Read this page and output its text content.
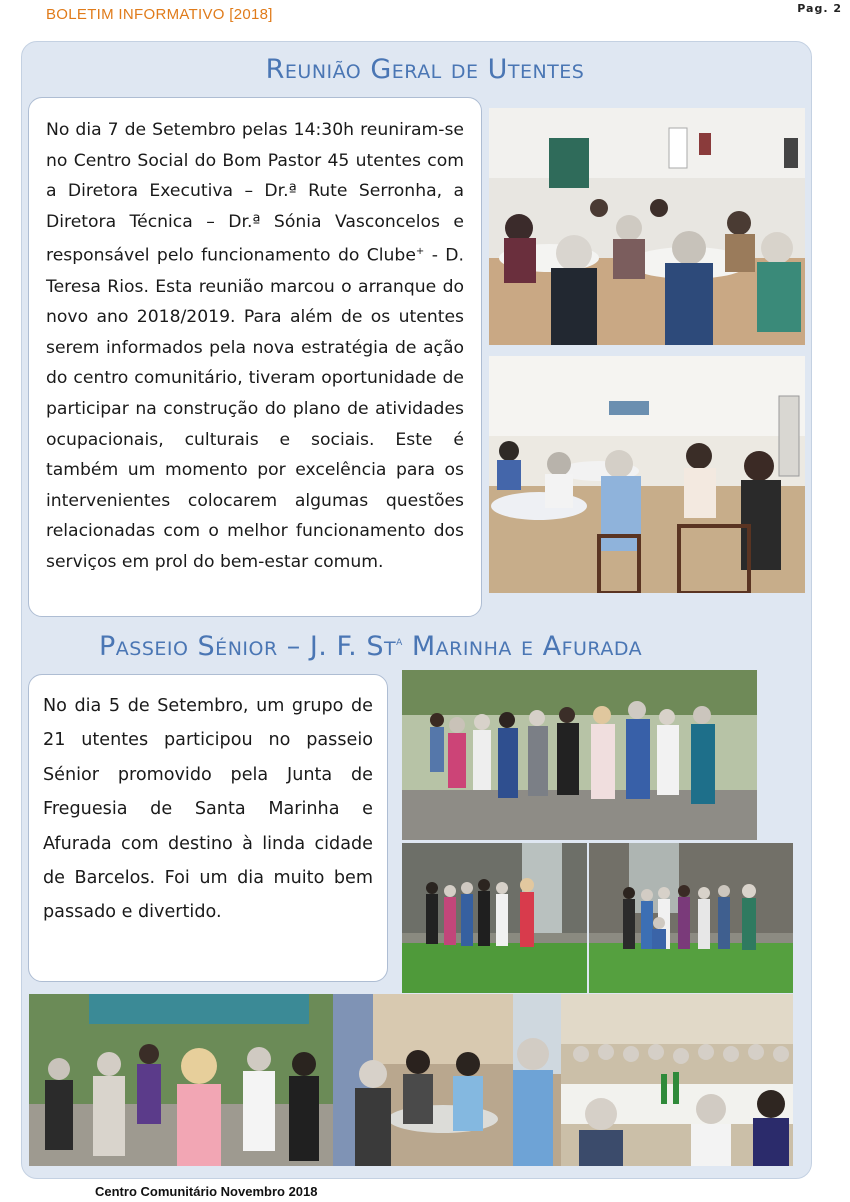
BOLETIM INFORMATIVO [2018]	Pag. 2
Reunião Geral de Utentes

No dia 7 de Setembro pelas 14:30h reuniram-se no Centro Social do Bom Pastor 45 utentes com a Diretora Executiva – Dr.ª Rute Serronha, a Diretora Técnica – Dr.ª Sónia Vasconcelos e responsável pelo funcionamento do Clube+ - D. Teresa Rios. Esta reunião marcou o arranque do novo ano 2018/2019. Para além de os utentes serem informados pela nova estratégia de ação do centro comunitário, tiveram oportunidade de participar na construção do plano de atividades ocupacionais, culturais e sociais. Este é também um momento por excelência para os intervenientes colocarem algumas questões relacionadas com o melhor funcionamento dos serviços em prol do bem-estar comum.

Passeio Sénior – J. F. St$^a$ Marinha e Afurada

No dia 5 de Setembro, um grupo de 21 utentes participou no passeio Sénior promovido pela Junta de Freguesia de Santa Marinha e Afurada com destino à linda cidade de Barcelos. Foi um dia muito bem passado e divertido.

Centro Comunitário Novembro 2018
